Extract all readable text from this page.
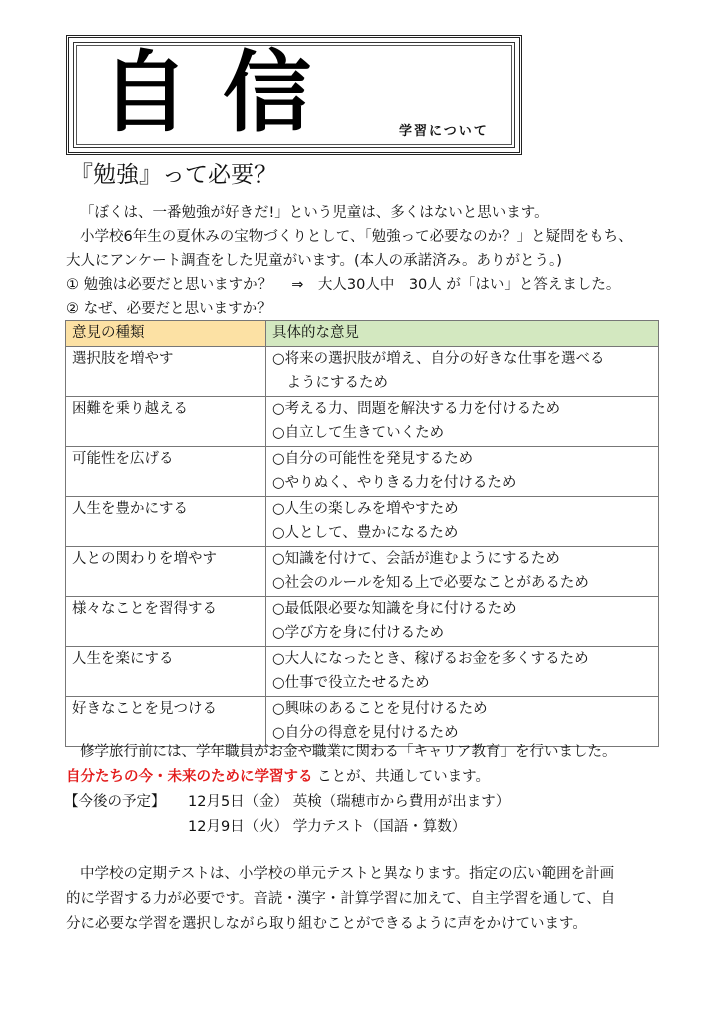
自信	学習について
『勉強』って必要？
「ぼくは、一番勉強が好きだ!」という児童は、多くはないと思います。
小学校6年生の夏休みの宝物づくりとして、「勉強って必要なのか？」と疑問をもち、
大人にアンケート調査をした児童がいます。(本人の承諾済み。ありがとう。)
① 勉強は必要だと思いますか？　 ⇒　大人30人中　30人 が「はい」と答えました。
② なぜ、必要だと思いますか？
意見の種類	具体的な意見
選択肢を増やす	○将来の選択肢が増え、自分の好きな仕事を選べる
　ようにするため

困難を乗り越える	○考える力、問題を解決する力を付けるため
○自立して生きていくため

可能性を広げる	○自分の可能性を発見するため
○やりぬく、やりきる力を付けるため

人生を豊かにする	○人生の楽しみを増やすため
○人として、豊かになるため

人との関わりを増やす	○知識を付けて、会話が進むようにするため
○社会のルールを知る上で必要なことがあるため

様々なことを習得する	○最低限必要な知識を身に付けるため
○学び方を身に付けるため

人生を楽にする	○大人になったとき、稼げるお金を多くするため
○仕事で役立たせるため

好きなことを見つける	○興味のあることを見付けるため
○自分の得意を見付けるため
修学旅行前には、学年職員がお金や職業に関わる「キャリア教育」を行いました。
自分たちの今・未来のために学習する ことが、共通しています。
【今後の予定】 12月5日（金） 英検（瑞穂市から費用が出ます）
12月9日（火） 学力テスト（国語・算数）
中学校の定期テストは、小学校の単元テストと異なります。指定の広い範囲を計画
的に学習する力が必要です。音読・漢字・計算学習に加えて、自主学習を通して、自
分に必要な学習を選択しながら取り組むことができるように声をかけています。
